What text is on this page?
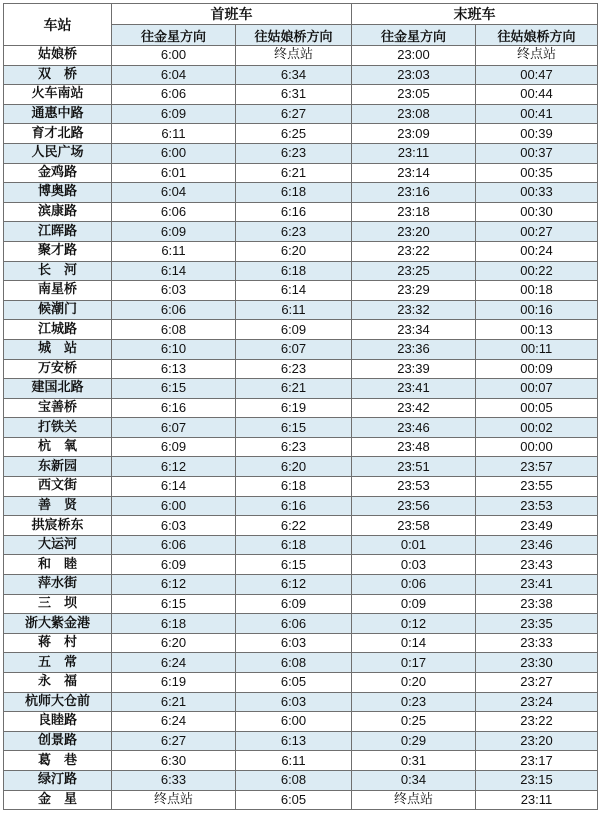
车站	首班车		末班车	
	往金星方向	往姑娘桥方向	往金星方向	往姑娘桥方向
姑娘桥	6:00	终点站	23:00	终点站
双　桥	6:04	6:34	23:03	00:47
火车南站	6:06	6:31	23:05	00:44
通惠中路	6:09	6:27	23:08	00:41
育才北路	6:11	6:25	23:09	00:39
人民广场	6:00	6:23	23:11	00:37
金鸡路	6:01	6:21	23:14	00:35
博奥路	6:04	6:18	23:16	00:33
滨康路	6:06	6:16	23:18	00:30
江晖路	6:09	6:23	23:20	00:27
聚才路	6:11	6:20	23:22	00:24
长　河	6:14	6:18	23:25	00:22
南星桥	6:03	6:14	23:29	00:18
候潮门	6:06	6:11	23:32	00:16
江城路	6:08	6:09	23:34	00:13
城　站	6:10	6:07	23:36	00:11
万安桥	6:13	6:23	23:39	00:09
建国北路	6:15	6:21	23:41	00:07
宝善桥	6:16	6:19	23:42	00:05
打铁关	6:07	6:15	23:46	00:02
杭　氧	6:09	6:23	23:48	00:00
东新园	6:12	6:20	23:51	23:57
西文街	6:14	6:18	23:53	23:55
善　贤	6:00	6:16	23:56	23:53
拱宸桥东	6:03	6:22	23:58	23:49
大运河	6:06	6:18	0:01	23:46
和　睦	6:09	6:15	0:03	23:43
萍水街	6:12	6:12	0:06	23:41
三　坝	6:15	6:09	0:09	23:38
浙大紫金港	6:18	6:06	0:12	23:35
蒋　村	6:20	6:03	0:14	23:33
五　常	6:24	6:08	0:17	23:30
永　福	6:19	6:05	0:20	23:27
杭师大仓前	6:21	6:03	0:23	23:24
良睦路	6:24	6:00	0:25	23:22
创景路	6:27	6:13	0:29	23:20
葛　巷	6:30	6:11	0:31	23:17
绿汀路	6:33	6:08	0:34	23:15
金　星	终点站	6:05	终点站	23:11
